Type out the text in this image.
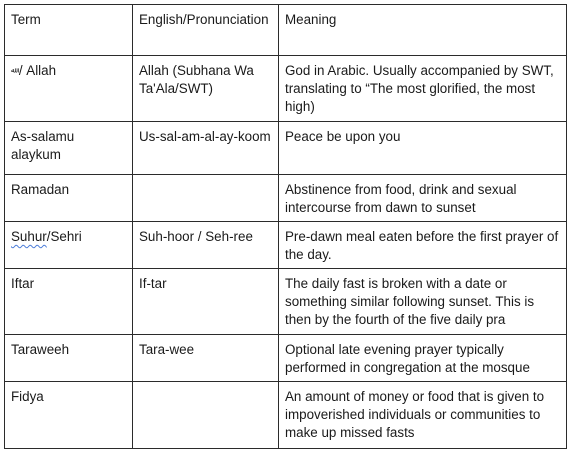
Term	English/Pronunciation	Meaning
ﷲ / Allah	Allah (Subhana Wa Ta'Ala/SWT)	God in Arabic. Usually accompanied by SWT, translating to “The most glorified, the most high)
As-salamu alaykum	Us-sal-am-al-ay-koom	Peace be upon you
Ramadan		Abstinence from food, drink and sexual intercourse from dawn to sunset
Suhur/Sehri	Suh-hoor / Seh-ree	Pre-dawn meal eaten before the first prayer of the day.
Iftar	If-tar	The daily fast is broken with a date or something similar following sunset. This is then by the fourth of the five daily pra
Taraweeh	Tara-wee	Optional late evening prayer typically performed in congregation at the mosque
Fidya		An amount of money or food that is given to impoverished individuals or communities to make up missed fasts
